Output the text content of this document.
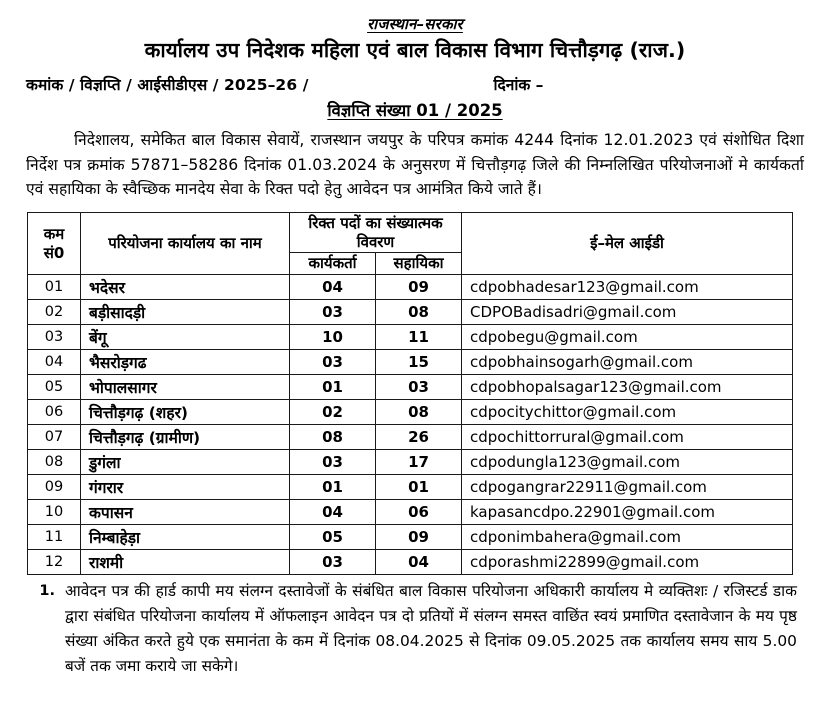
राजस्थान–सरकार
कार्यालय उप निदेशक महिला एवं बाल विकास विभाग चित्तौड़गढ़ (राज.)
कमांक / विज्ञप्ति / आईसीडीएस / 2025–26 /	दिनांक –
विज्ञप्ति संख्या 01 / 2025

निदेशालय, समेकित बाल विकास सेवायें, राजस्थान जयपुर के परिपत्र कमांक 4244 दिनांक 12.01.2023 एवं संशोधित दिशा निर्देश पत्र क्रमांक 57871–58286 दिनांक 01.03.2024 के अनुसरण में चित्तौड़गढ़ जिले की निम्नलिखित परियोजनाओं मे कार्यकर्ता एवं सहायिका के स्वैच्छिक मानदेय सेवा के रिक्त पदो हेतु आवेदन पत्र आमंत्रित किये जाते हैं।

कम
सं0	परियोजना कार्यालय का नाम	रिक्त पदों का संख्यात्मक विवरण		ई–मेल आईडी
		कार्यकर्ता	सहायिका	
01	भदेसर	04	09	cdpobhadesar123@gmail.com
02	बड़ीसादड़ी	03	08	CDPOBadisadri@gmail.com
03	बेंगू	10	11	cdpobegu@gmail.com
04	भैसरोड़गढ	03	15	cdpobhainsogarh@gmail.com
05	भोपालसागर	01	03	cdpobhopalsagar123@gmail.com
06	चित्तौड़गढ़ (शहर)	02	08	cdpocitychittor@gmail.com
07	चित्तौड़गढ़ (ग्रामीण)	08	26	cdpochittorrural@gmail.com
08	डुगंला	03	17	cdpodungla123@gmail.com
09	गंगरार	01	01	cdpogangrar22911@gmail.com
10	कपासन	04	06	kapasancdpo.22901@gmail.com
11	निम्बाहेड़ा	05	09	cdponimbahera@gmail.com
12	राशमी	03	04	cdporashmi22899@gmail.com
1. आवेदन पत्र की हार्ड कापी मय संलग्न दस्तावेजों के संबंधित बाल विकास परियोजना अधिकारी कार्यालय मे व्यक्तिशः / रजिस्टर्ड डाक द्वारा संबंधित परियोजना कार्यालय में ऑफलाइन आवेदन पत्र दो प्रतियों में संलग्न समस्त वाछिंत स्वयं प्रमाणित दस्तावेजान के मय पृष्ठ संख्या अंकित करते हुये एक समानंता के कम में दिनांक 08.04.2025 से दिनांक 09.05.2025 तक कार्यालय समय साय 5.00 बजें तक जमा कराये जा सकेगे।
